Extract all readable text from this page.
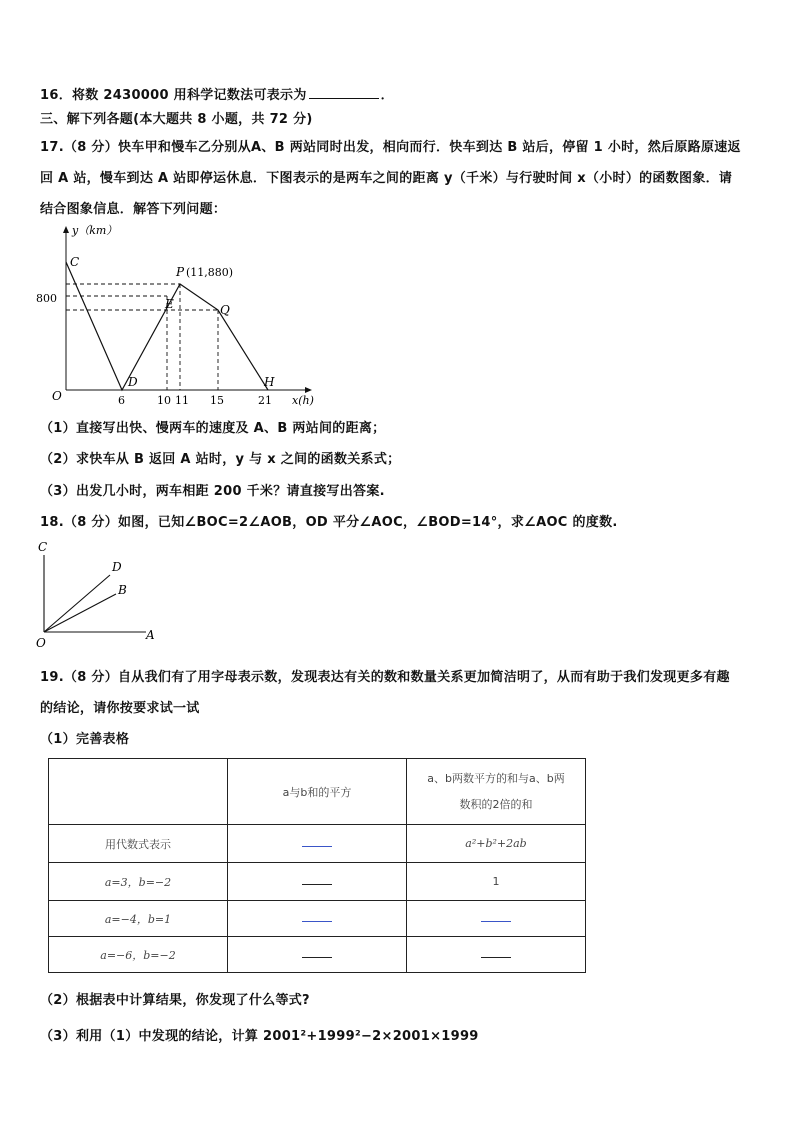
16．将数 2430000 用科学记数法可表示为	．
三、解下列各题(本大题共 8 小题，共 72 分)
17.（8 分）快车甲和慢车乙分别从A、B 两站同时出发，相向而行．快车到达 B 站后，停留 1 小时，然后原路原速返
回 A 站，慢车到达 A 站即停运休息．下图表示的是两车之间的距离 y（千米）与行驶时间 x（小时）的函数图象．请
结合图象信息．解答下列问题：
y（km）
x(h)
800
O	6	10 11 15	21
C
D
E
P (11,880)
Q
H
（1）直接写出快、慢两车的速度及 A、B 两站间的距离；
（2）求快车从 B 返回 A 站时，y 与 x 之间的函数关系式；
（3）出发几小时，两车相距 200 千米？请直接写出答案.
18.（8 分）如图，已知∠BOC=2∠AOB，OD 平分∠AOC，∠BOD=14°，求∠AOC 的度数.
C
D
B
O
A
19.（8 分）自从我们有了用字母表示数，发现表达有关的数和数量关系更加简洁明了，从而有助于我们发现更多有趣
的结论，请你按要求试一试
（1）完善表格
	a与b和的平方	a、b两数平方的和与a、b两
数积的2倍的和

用代数式表示		a²+b²+2ab
a=3，b=−2		1
a=−4，b=1		
a=−6，b=−2		
（2）根据表中计算结果，你发现了什么等式?
（3）利用（1）中发现的结论，计算 2001²+1999²−2×2001×1999
